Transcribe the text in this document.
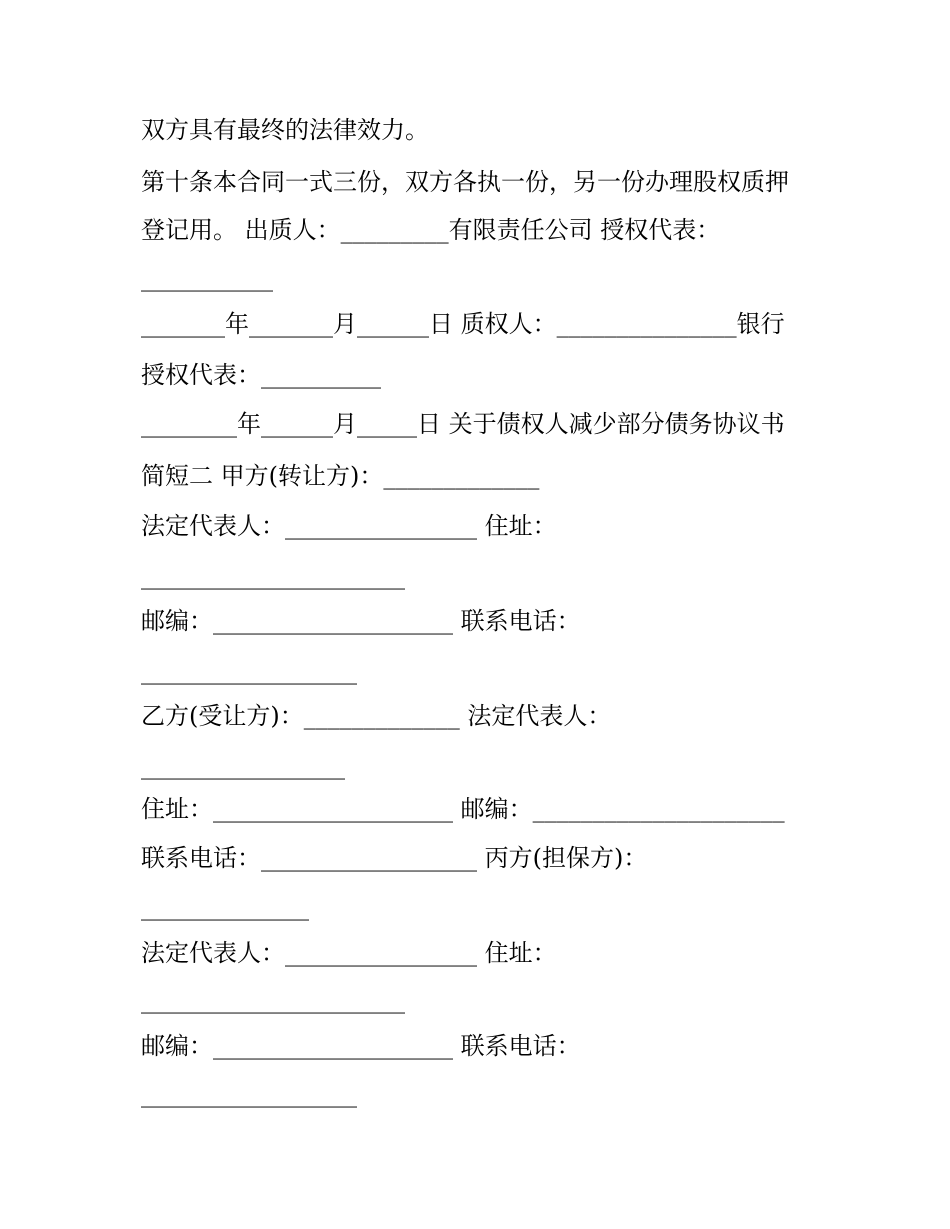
双方具有最终的法律效力。
第十条本合同一式三份，双方各执一份，另一份办理股权质押
登记用。 出质人：_________有限责任公司 授权代表：
___________
_______年_______月______日 质权人：_______________银行
授权代表：__________
________年______月_____日 关于债权人减少部分债务协议书
简短二 甲方(转让方)：_____________
法定代表人：________________ 住址：
______________________
邮编：____________________ 联系电话：
__________________
乙方(受让方)：_____________ 法定代表人：
_________________
住址：____________________ 邮编：_____________________
联系电话：__________________ 丙方(担保方)：
______________
法定代表人：________________ 住址：
______________________
邮编：____________________ 联系电话：
__________________
